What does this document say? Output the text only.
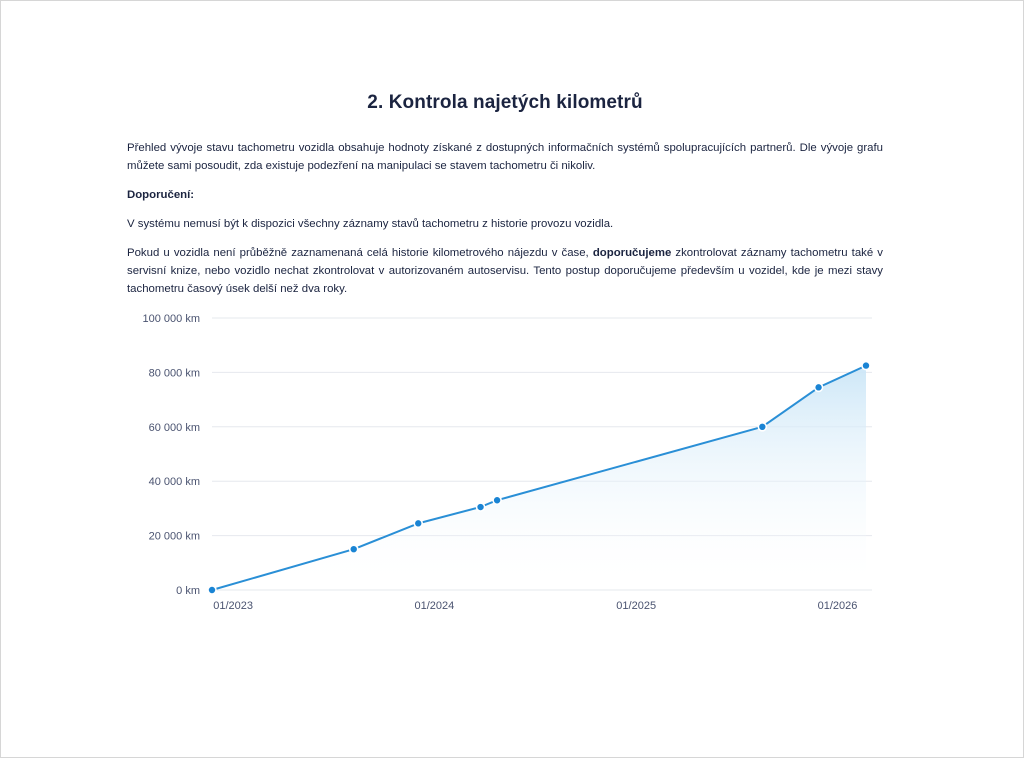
2. Kontrola najetých kilometrů

Přehled vývoje stavu tachometru vozidla obsahuje hodnoty získané z dostupných informačních systémů spolupracujících partnerů. Dle vývoje grafu můžete sami posoudit, zda existuje podezření na manipulaci se stavem tachometru či nikoliv.

Doporučení:

V systému nemusí být k dispozici všechny záznamy stavů tachometru z historie provozu vozidla.

Pokud u vozidla není průběžně zaznamenaná celá historie kilometrového nájezdu v čase, doporučujeme zkontrolovat záznamy tachometru také v servisní knize, nebo vozidlo nechat zkontrolovat v autorizovaném autoservisu. Tento postup doporučujeme především u vozidel, kde je mezi stavy tachometru časový úsek delší než dva roky.

0 km
20 000 km
40 000 km
60 000 km
80 000 km
100 000 km
01/2023	01/2024	01/2025	01/2026
